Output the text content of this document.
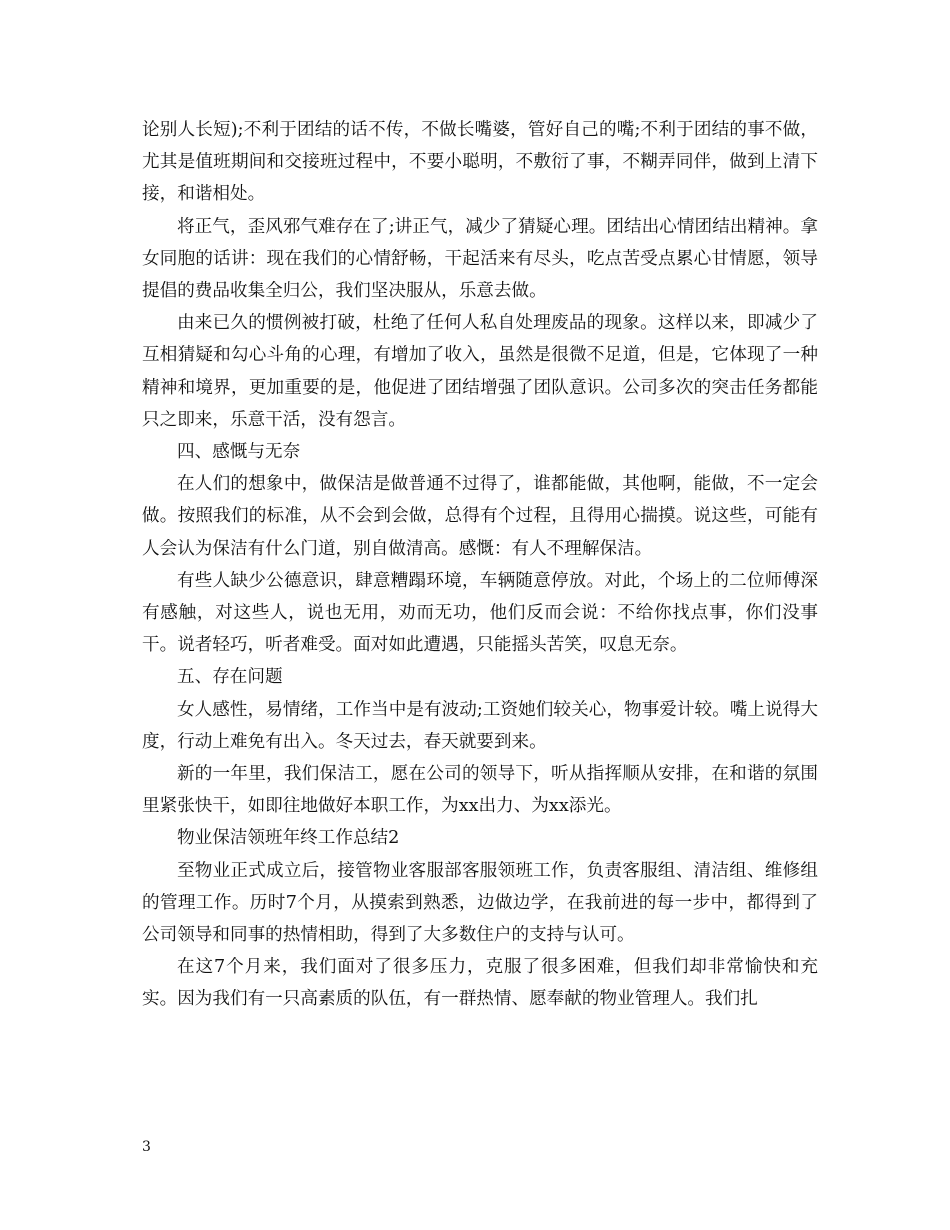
论别人长短);不利于团结的话不传，不做长嘴婆，管好自己的嘴;不利于团结的事不做，尤其是值班期间和交接班过程中，不要小聪明，不敷衍了事，不糊弄同伴，做到上清下接，和谐相处。

将正气，歪风邪气难存在了;讲正气，减少了猜疑心理。团结出心情团结出精神。拿女同胞的话讲：现在我们的心情舒畅，干起活来有尽头，吃点苦受点累心甘情愿，领导提倡的费品收集全归公，我们坚决服从，乐意去做。

由来已久的惯例被打破，杜绝了任何人私自处理废品的现象。这样以来，即减少了互相猜疑和勾心斗角的心理，有增加了收入，虽然是很微不足道，但是，它体现了一种精神和境界，更加重要的是，他促进了团结增强了团队意识。公司多次的突击任务都能只之即来，乐意干活，没有怨言。

四、感慨与无奈

在人们的想象中，做保洁是做普通不过得了，谁都能做，其他啊，能做，不一定会做。按照我们的标准，从不会到会做，总得有个过程，且得用心揣摸。说这些，可能有人会认为保洁有什么门道，别自做清高。感慨：有人不理解保洁。

有些人缺少公德意识，肆意糟蹋环境，车辆随意停放。对此，个场上的二位师傅深有感触，对这些人，说也无用，劝而无功，他们反而会说：不给你找点事，你们没事干。说者轻巧，听者难受。面对如此遭遇，只能摇头苦笑，叹息无奈。

五、存在问题

女人感性，易情绪，工作当中是有波动;工资她们较关心，物事爱计较。嘴上说得大度，行动上难免有出入。冬天过去，春天就要到来。

新的一年里，我们保洁工，愿在公司的领导下，听从指挥顺从安排，在和谐的氛围里紧张快干，如即往地做好本职工作，为xx出力、为xx添光。

物业保洁领班年终工作总结2

至物业正式成立后，接管物业客服部客服领班工作，负责客服组、清洁组、维修组的管理工作。历时7个月，从摸索到熟悉，边做边学，在我前进的每一步中，都得到了公司领导和同事的热情相助，得到了大多数住户的支持与认可。

在这7个月来，我们面对了很多压力，克服了很多困难，但我们却非常愉快和充实。因为我们有一只高素质的队伍，有一群热情、愿奉献的物业管理人。我们扎

3
